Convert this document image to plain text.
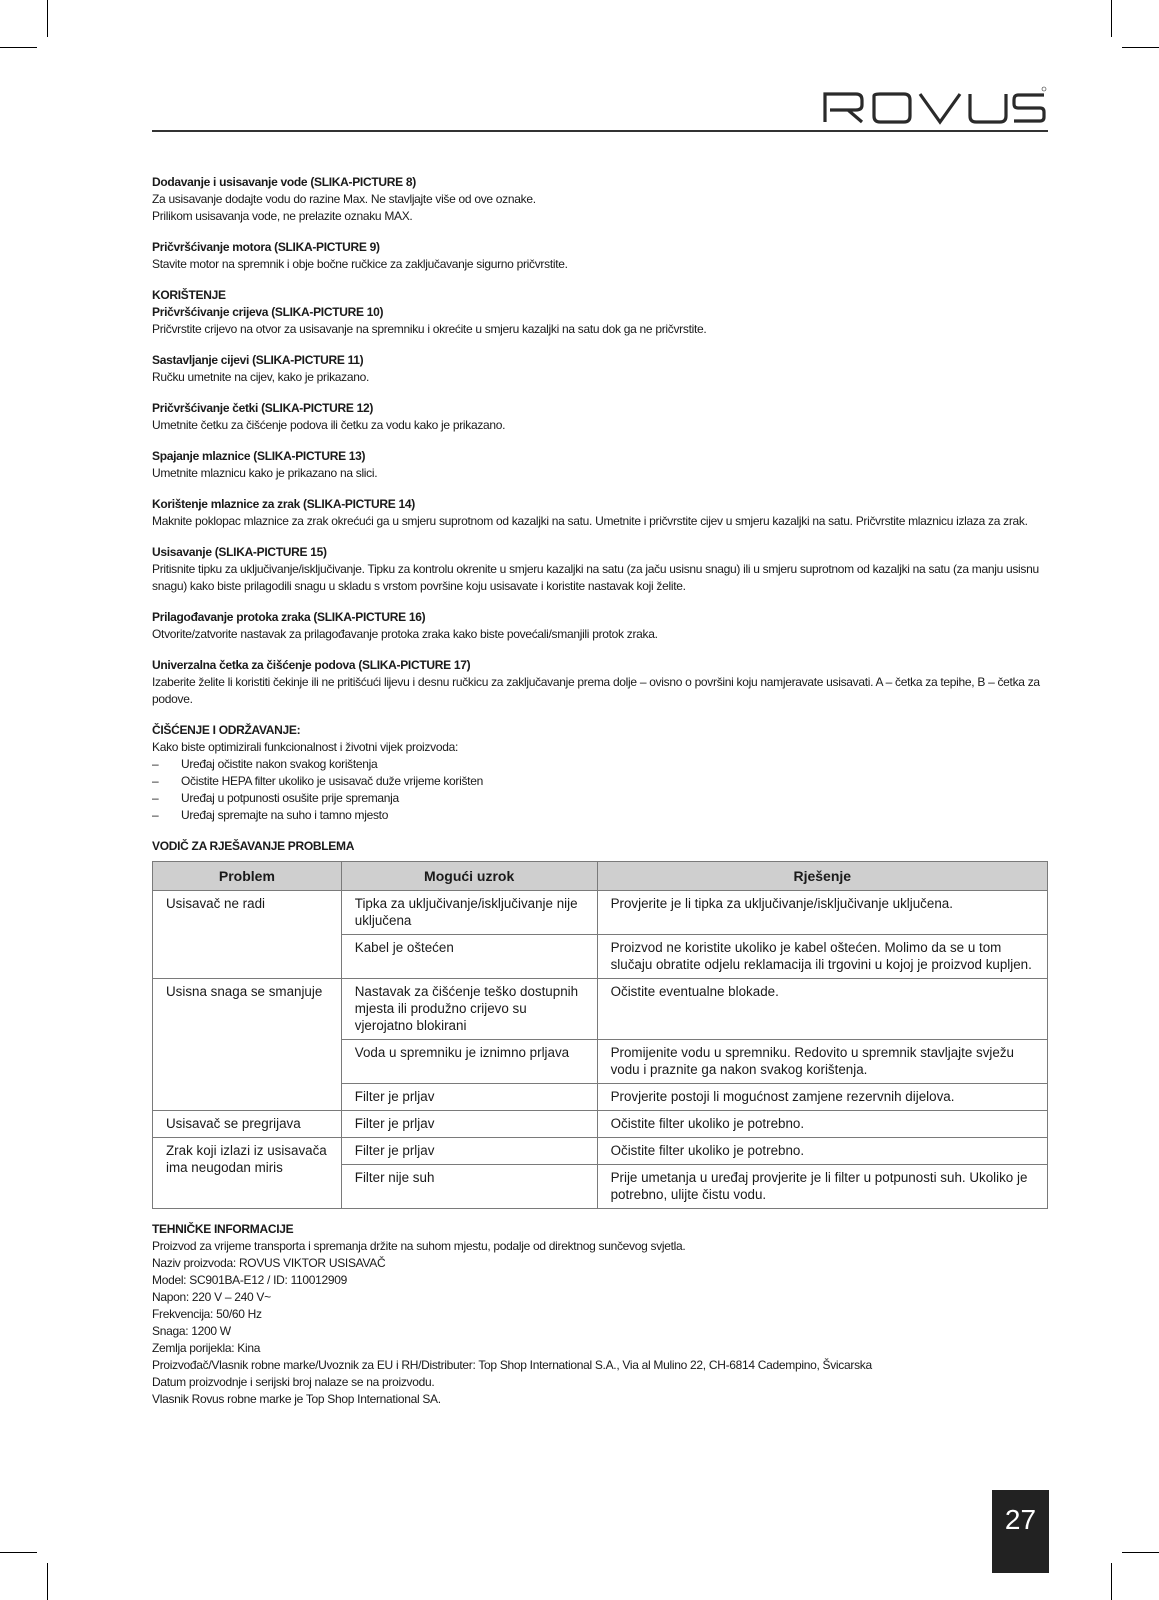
Dodavanje i usisavanje vode (SLIKA-PICTURE 8)
Za usisavanje dodajte vodu do razine Max. Ne stavljajte više od ove oznake.
Prilikom usisavanja vode, ne prelazite oznaku MAX.
Pričvršćivanje motora (SLIKA-PICTURE 9)
Stavite motor na spremnik i obje bočne ručkice za zaključavanje sigurno pričvrstite.
KORIŠTENJE
Pričvršćivanje crijeva (SLIKA-PICTURE 10)
Pričvrstite crijevo na otvor za usisavanje na spremniku i okrećite u smjeru kazaljki na satu dok ga ne pričvrstite.
Sastavljanje cijevi (SLIKA-PICTURE 11)
Ručku umetnite na cijev, kako je prikazano.
Pričvršćivanje četki (SLIKA-PICTURE 12)
Umetnite četku za čišćenje podova ili četku za vodu kako je prikazano.
Spajanje mlaznice (SLIKA-PICTURE 13)
Umetnite mlaznicu kako je prikazano na slici.
Korištenje mlaznice za zrak (SLIKA-PICTURE 14)
Maknite poklopac mlaznice za zrak okrećući ga u smjeru suprotnom od kazaljki na satu. Umetnite i pričvrstite cijev u smjeru kazaljki na satu. Pričvrstite mlaznicu izlaza za zrak.
Usisavanje (SLIKA-PICTURE 15)
Pritisnite tipku za uključivanje/isključivanje. Tipku za kontrolu okrenite u smjeru kazaljki na satu (za jaču usisnu snagu) ili u smjeru suprotnom od kazaljki na satu (za manju usisnu snagu) kako biste prilagodili snagu u skladu s vrstom površine koju usisavate i koristite nastavak koji želite.
Prilagođavanje protoka zraka (SLIKA-PICTURE 16)
Otvorite/zatvorite nastavak za prilagođavanje protoka zraka kako biste povećali/smanjili protok zraka.
Univerzalna četka za čišćenje podova (SLIKA-PICTURE 17)
Izaberite želite li koristiti čekinje ili ne pritišćući lijevu i desnu ručkicu za zaključavanje prema dolje – ovisno o površini koju namjeravate usisavati. A – četka za tepihe, B – četka za podove.
ČIŠĆENJE I ODRŽAVANJE:
Kako biste optimizirali funkcionalnost i životni vijek proizvoda:
– Uređaj očistite nakon svakog korištenja
– Očistite HEPA filter ukoliko je usisavač duže vrijeme korišten
– Uređaj u potpunosti osušite prije spremanja
– Uređaj spremajte na suho i tamno mjesto
VODIČ ZA RJEŠAVANJE PROBLEMA
Problem	Mogući uzrok	Rješenje
Usisavač ne radi	Tipka za uključivanje/isključivanje nije uključena	Provjerite je li tipka za uključivanje/isključivanje uključena.
	Kabel je oštećen	Proizvod ne koristite ukoliko je kabel oštećen. Molimo da se u tom slučaju obratite odjelu reklamacija ili trgovini u kojoj je proizvod kupljen.
Usisna snaga se smanjuje	Nastavak za čišćenje teško dostupnih mjesta ili produžno crijevo su vjerojatno blokirani	Očistite eventualne blokade.
	Voda u spremniku je iznimno prljava	Promijenite vodu u spremniku. Redovito u spremnik stavljajte svježu vodu i praznite ga nakon svakog korištenja.
	Filter je prljav	Provjerite postoji li mogućnost zamjene rezervnih dijelova.
Usisavač se pregrijava	Filter je prljav	Očistite filter ukoliko je potrebno.
Zrak koji izlazi iz usisavača ima neugodan miris	Filter je prljav	Očistite filter ukoliko je potrebno.
	Filter nije suh	Prije umetanja u uređaj provjerite je li filter u potpunosti suh. Ukoliko je potrebno, ulijte čistu vodu.
TEHNIČKE INFORMACIJE
Proizvod za vrijeme transporta i spremanja držite na suhom mjestu, podalje od direktnog sunčevog svjetla.
Naziv proizvoda: ROVUS VIKTOR USISAVAČ
Model: SC901BA-E12 / ID: 110012909
Napon: 220 V – 240 V~
Frekvencija: 50/60 Hz
Snaga: 1200 W
Zemlja porijekla: Kina
Proizvođač/Vlasnik robne marke/Uvoznik za EU i RH/Distributer: Top Shop International S.A., Via al Mulino 22, CH-6814 Cadempino, Švicarska
Datum proizvodnje i serijski broj nalaze se na proizvodu.
Vlasnik Rovus robne marke je Top Shop International SA.
27
